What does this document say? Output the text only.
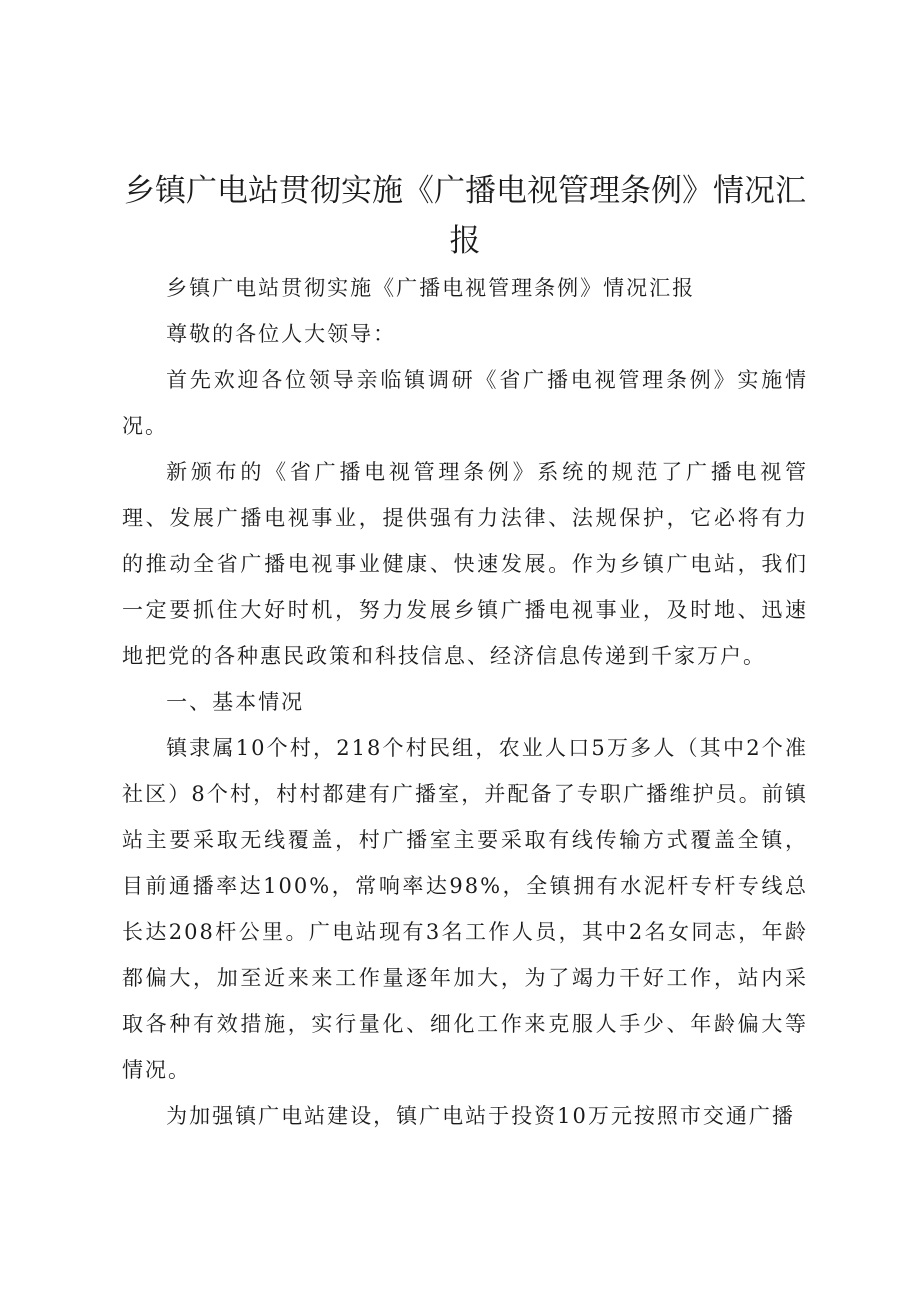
乡镇广电站贯彻实施《广播电视管理条例》情况汇报

乡镇广电站贯彻实施《广播电视管理条例》情况汇报

尊敬的各位人大领导：

首先欢迎各位领导亲临镇调研《省广播电视管理条例》实施情况。

新颁布的《省广播电视管理条例》系统的规范了广播电视管理、发展广播电视事业，提供强有力法律、法规保护，它必将有力的推动全省广播电视事业健康、快速发展。作为乡镇广电站，我们一定要抓住大好时机，努力发展乡镇广播电视事业，及时地、迅速地把党的各种惠民政策和科技信息、经济信息传递到千家万户。

一、基本情况

镇隶属10个村，218个村民组，农业人口5万多人（其中2个准社区）8个村，村村都建有广播室，并配备了专职广播维护员。前镇站主要采取无线覆盖，村广播室主要采取有线传输方式覆盖全镇，目前通播率达100%，常响率达98%，全镇拥有水泥杆专杆专线总长达208杆公里。广电站现有3名工作人员，其中2名女同志，年龄都偏大，加至近来来工作量逐年加大，为了竭力干好工作，站内采取各种有效措施，实行量化、细化工作来克服人手少、年龄偏大等情况。

为加强镇广电站建设，镇广电站于投资10万元按照市交通广播
